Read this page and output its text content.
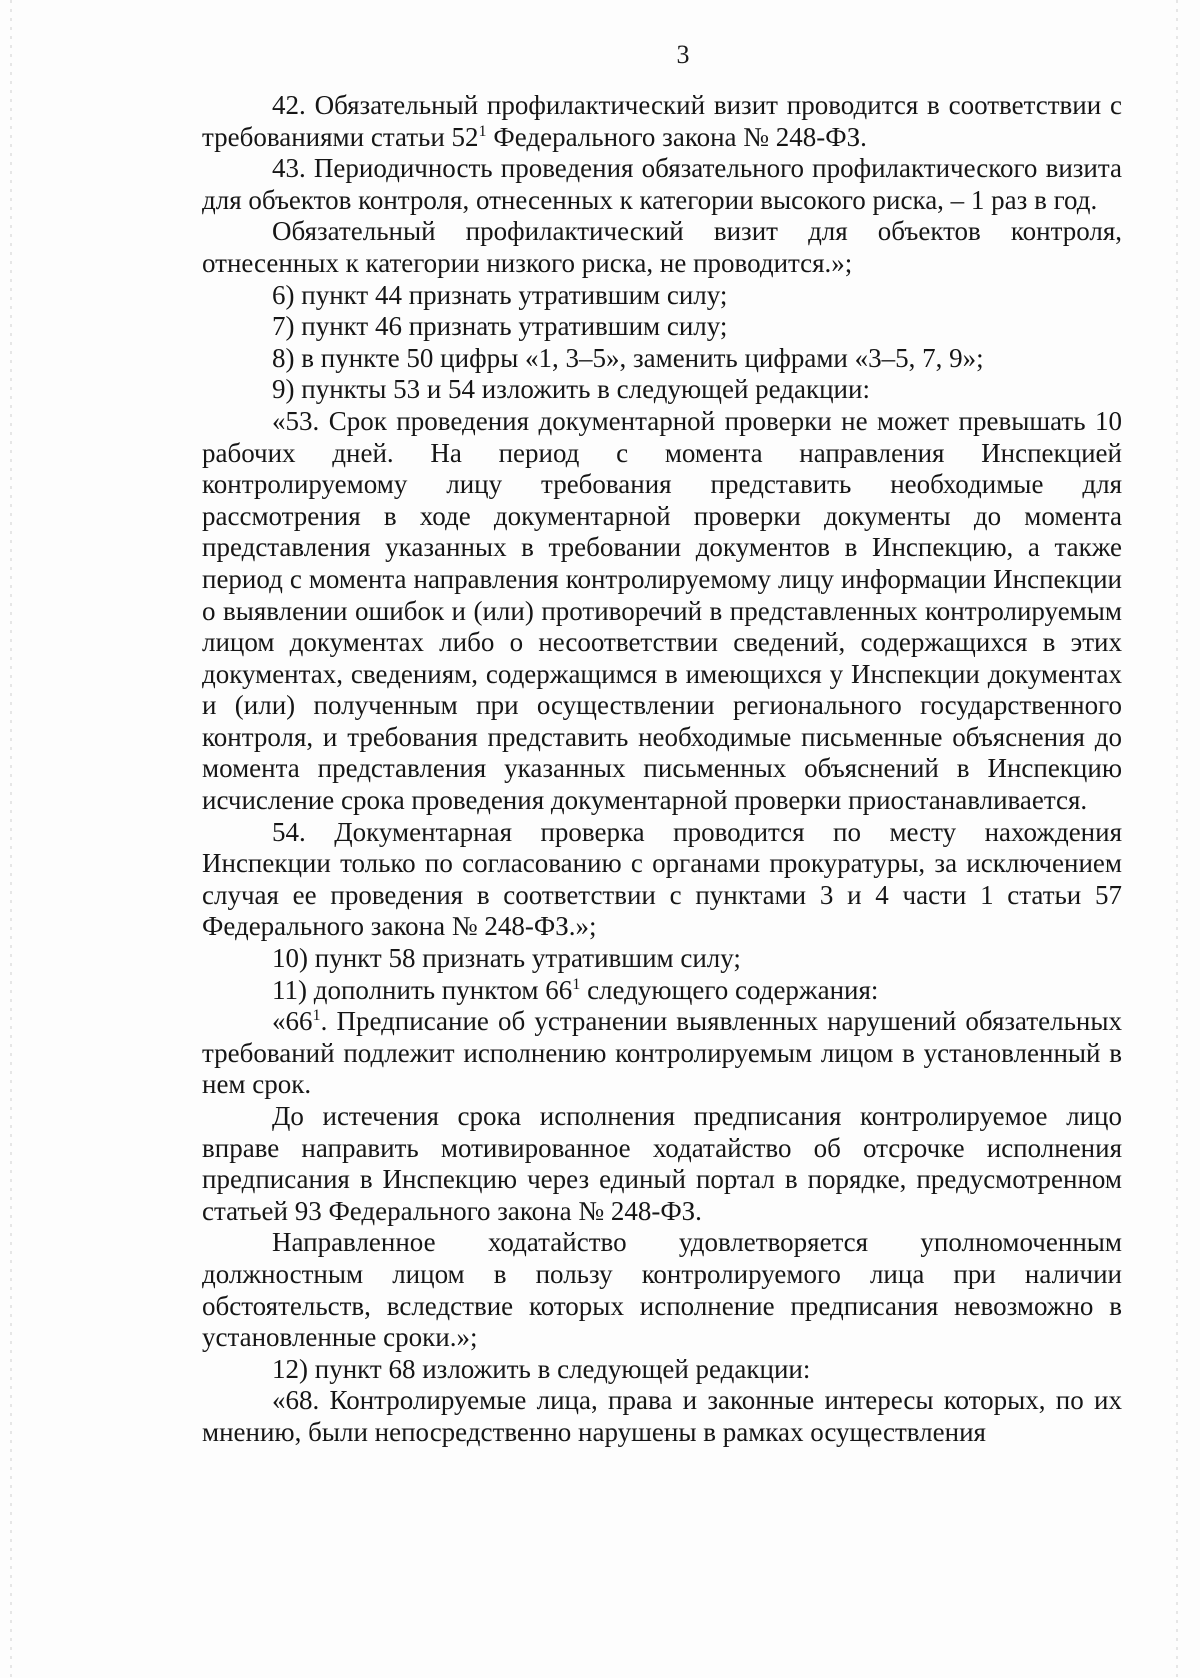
3

42. Обязательный профилактический визит проводится в соответствии с требованиями статьи $52^1$ Федерального закона № 248-ФЗ.

43. Периодичность проведения обязательного профилактического визита для объектов контроля, отнесенных к категории высокого риска, – 1 раз в год.

Обязательный профилактический визит для объектов контроля, отнесенных к категории низкого риска, не проводится.»;

6) пункт 44 признать утратившим силу;

7) пункт 46 признать утратившим силу;

8) в пункте 50 цифры «1, 3–5», заменить цифрами «3–5, 7, 9»;

9) пункты 53 и 54 изложить в следующей редакции:

«53. Срок проведения документарной проверки не может превышать 10 рабочих дней. На период с момента направления Инспекцией контролируемому лицу требования представить необходимые для рассмотрения в ходе документарной проверки документы до момента представления указанных в требовании документов в Инспекцию, а также период с момента направления контролируемому лицу информации Инспекции о выявлении ошибок и (или) противоречий в представленных контролируемым лицом документах либо о несоответствии сведений, содержащихся в этих документах, сведениям, содержащимся в имеющихся у Инспекции документах и (или) полученным при осуществлении регионального государственного контроля, и требования представить необходимые письменные объяснения до момента представления указанных письменных объяснений в Инспекцию исчисление срока проведения документарной проверки приостанавливается.

54. Документарная проверка проводится по месту нахождения Инспекции только по согласованию с органами прокуратуры, за исключением случая ее проведения в соответствии с пунктами 3 и 4 части 1 статьи 57 Федерального закона № 248-ФЗ.»;

10) пункт 58 признать утратившим силу;

11) дополнить пунктом $66^1$ следующего содержания:

«$66^1$. Предписание об устранении выявленных нарушений обязательных требований подлежит исполнению контролируемым лицом в установленный в нем срок.

До истечения срока исполнения предписания контролируемое лицо вправе направить мотивированное ходатайство об отсрочке исполнения предписания в Инспекцию через единый портал в порядке, предусмотренном статьей 93 Федерального закона № 248-ФЗ.

Направленное ходатайство удовлетворяется уполномоченным должностным лицом в пользу контролируемого лица при наличии обстоятельств, вследствие которых исполнение предписания невозможно в установленные сроки.»;

12) пункт 68 изложить в следующей редакции:

«68. Контролируемые лица, права и законные интересы которых, по их мнению, были непосредственно нарушены в рамках осуществления
